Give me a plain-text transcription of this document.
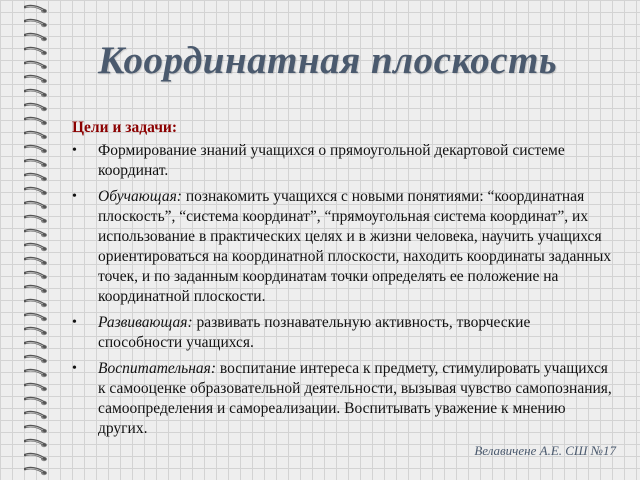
Координатная плоскость
Цели и задачи:
• Формирование знаний учащихся о прямоугольной декартовой системе координат.
• Обучающая: познакомить учащихся с новыми понятиями: “координатная плоскость”, “система координат”, “прямоугольная система координат”, их использование в практических целях и в жизни человека, научить учащихся ориентироваться на координатной плоскости, находить координаты заданных точек, и по заданным координатам точки определять ее положение на координатной плоскости.
• Развивающая: развивать познавательную активность, творческие способности учащихся.
• Воспитательная: воспитание интереса к предмету, стимулировать учащихся к самооценке образовательной деятельности, вызывая чувство самопознания, самоопределения и самореализации. Воспитывать уважение к мнению других.
Велавичене А.Е. СШ №17
